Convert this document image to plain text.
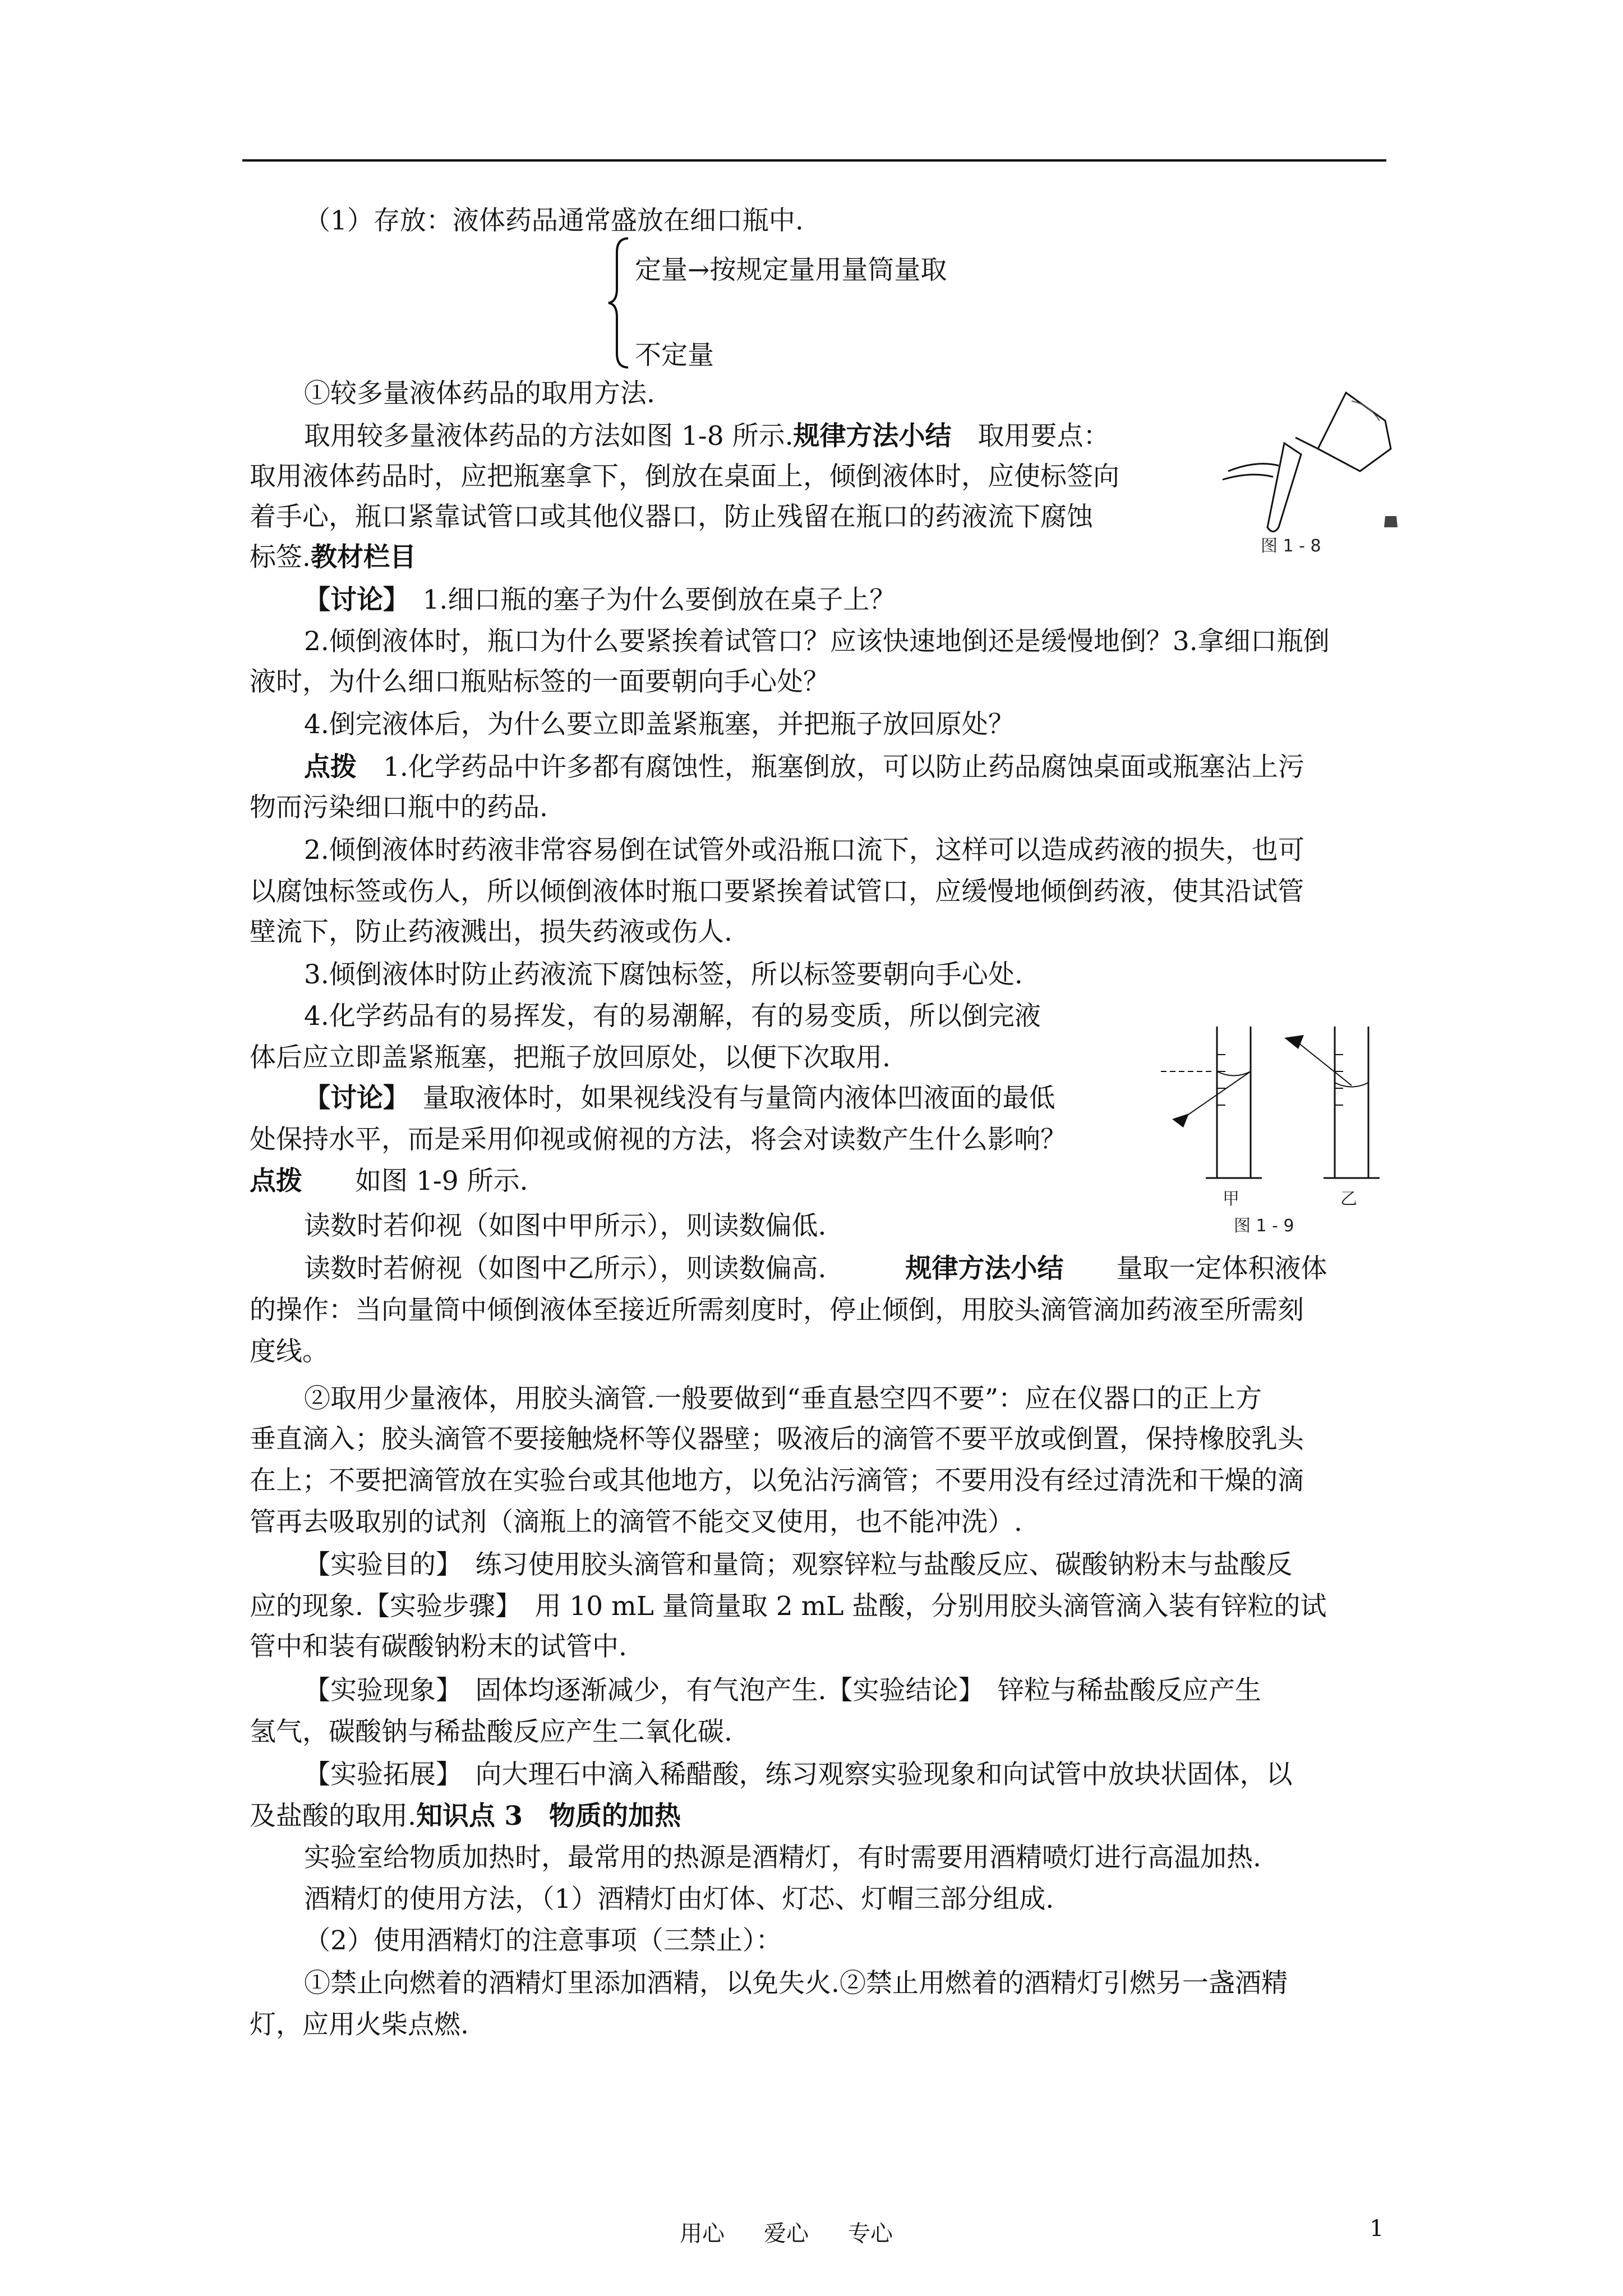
（1）存放：液体药品通常盛放在细口瓶中.
定量→按规定量用量筒量取
不定量
①较多量液体药品的取用方法.
取用较多量液体药品的方法如图 1-8 所示.规律方法小结　 取用要点：
取用液体药品时，应把瓶塞拿下，倒放在桌面上，倾倒液体时，应使标签向
着手心，瓶口紧靠试管口或其他仪器口，防止残留在瓶口的药液流下腐蚀
标签.教材栏目	图 1 - 8
【讨论】　 1.细口瓶的塞子为什么要倒放在桌子上？
2.倾倒液体时，瓶口为什么要紧挨着试管口？应该快速地倒还是缓慢地倒？3.拿细口瓶倒
液时，为什么细口瓶贴标签的一面要朝向手心处？
4.倒完液体后，为什么要立即盖紧瓶塞，并把瓶子放回原处？
点拨　 1.化学药品中许多都有腐蚀性，瓶塞倒放，可以防止药品腐蚀桌面或瓶塞沾上污
物而污染细口瓶中的药品.
2.倾倒液体时药液非常容易倒在试管外或沿瓶口流下，这样可以造成药液的损失，也可
以腐蚀标签或伤人，所以倾倒液体时瓶口要紧挨着试管口，应缓慢地倾倒药液，使其沿试管
壁流下，防止药液溅出，损失药液或伤人.
3.倾倒液体时防止药液流下腐蚀标签，所以标签要朝向手心处.
4.化学药品有的易挥发，有的易潮解，有的易变质，所以倒完液
体后应立即盖紧瓶塞，把瓶子放回原处，以便下次取用.
【讨论】　 量取液体时，如果视线没有与量筒内液体凹液面的最低
处保持水平，而是采用仰视或俯视的方法，将会对读数产生什么影响？
点拨　　 如图 1-9 所示.
甲	乙
图 1 - 9
读数时若仰视（如图中甲所示），则读数偏低.
读数时若俯视（如图中乙所示），则读数偏高.　　　	规律方法小结　　 量取一定体积液体
的操作：当向量筒中倾倒液体至接近所需刻度时，停止倾倒，用胶头滴管滴加药液至所需刻
度线。
②取用少量液体，用胶头滴管.一般要做到“垂直悬空四不要”：应在仪器口的正上方
垂直滴入；胶头滴管不要接触烧杯等仪器壁；吸液后的滴管不要平放或倒置，保持橡胶乳头
在上；不要把滴管放在实验台或其他地方，以免沾污滴管；不要用没有经过清洗和干燥的滴
管再去吸取别的试剂（滴瓶上的滴管不能交叉使用，也不能冲洗）.
【实验目的】　 练习使用胶头滴管和量筒；观察锌粒与盐酸反应、碳酸钠粉末与盐酸反
应的现象.【实验步骤】　 用 10 mL 量筒量取 2 mL 盐酸，分别用胶头滴管滴入装有锌粒的试
管中和装有碳酸钠粉末的试管中.
【实验现象】　 固体均逐渐减少，有气泡产生.【实验结论】　 锌粒与稀盐酸反应产生
氢气，碳酸钠与稀盐酸反应产生二氧化碳.
【实验拓展】　 向大理石中滴入稀醋酸，练习观察实验现象和向试管中放块状固体，以
及盐酸的取用.知识点 3　物质的加热
实验室给物质加热时，最常用的热源是酒精灯，有时需要用酒精喷灯进行高温加热.
酒精灯的使用方法，（1）酒精灯由灯体、灯芯、灯帽三部分组成.
（2）使用酒精灯的注意事项（三禁止）：
①禁止向燃着的酒精灯里添加酒精，以免失火.②禁止用燃着的酒精灯引燃另一盏酒精
灯，应用火柴点燃.
用心 爱心 专心	1
